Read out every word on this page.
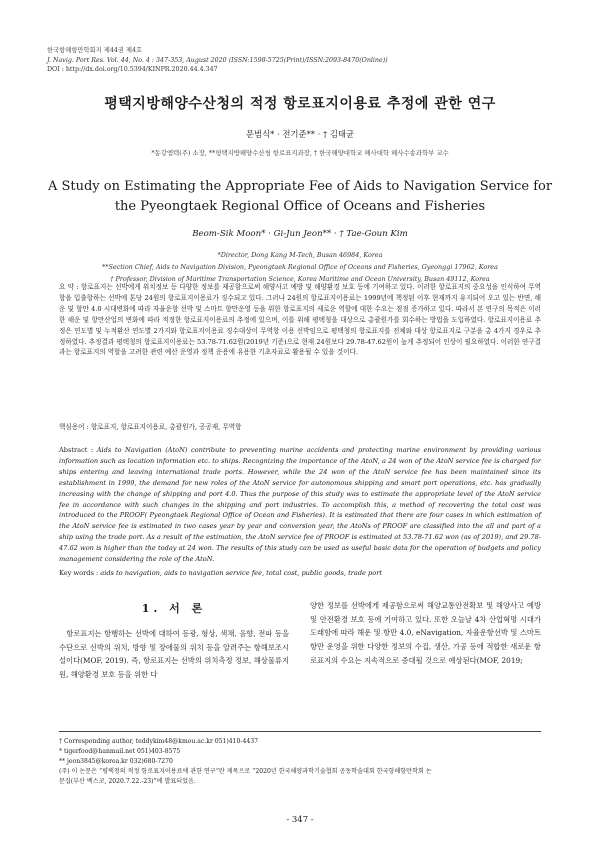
한국항해항만학회지 제44권 제4호
J. Navig. Port Res. Vol. 44, No. 4 : 347-353, August 2020 (ISSN:1598-5725(Print)/ISSN:2093-8470(Online))
DOI : http://dx.doi.org/10.5394/KINPR.2020.44.4.347
평택지방해양수산청의 적정 항로표지이용료 추정에 관한 연구
문범식* · 전기준** · † 김태균
*동강엠텍(주) 소장, **평택지방해양수산청 항로표지과장, † 한국해양대학교 해사대학 해사수송과학부 교수
A Study on Estimating the Appropriate Fee of Aids to Navigation Service for the Pyeongtaek Regional Office of Oceans and Fisheries
Beom-Sik Moon* · Gi-Jun Jeon** · † Tae-Goun Kim
*Director, Dong Kang M-Tech, Busan 46984, Korea
**Section Chief, Aids to Navigation Division, Pyeongtaek Regional Office of Oceans and Fisheries, Gyeonggi 17962, Korea
† Professor, Division of Maritime Transportation Science, Korea Maritime and Ocean University, Busan 49112, Korea
요 약 : 항로표지는 선박에게 위치정보 등 다양한 정보를 제공함으로써 해양사고 예방 및 해양환경 보호 등에 기여하고 있다. 이러한 항로표지의 중요성을 인식하여 무역항을 입출항하는 선박에 톤당 24원의 항로표지이용료가 징수되고 있다. 그러나 24원의 항로표지이용료는 1999년에 책정된 이후 현재까지 유지되어 오고 있는 반면, 해운 및 항만 4.0 시대변화에 따라 자율운항 선박 및 스마트 항만운영 등을 위한 항로표지의 새로운 역할에 대한 수요는 점점 증가하고 있다. 따라서 본 연구의 목적은 이러한 해운 및 항만산업의 변화에 따라 적정한 항로표지이용료의 추정에 있으며, 이를 위해 평택청을 대상으로 총괄원가를 회수하는 방법을 도입하였다. 항로표지이용료 추정은 연도별 및 누적환산 연도별 2가지와 항로표지이용료 징수대상이 무역항 이용 선박임으로 평택청의 항로표지를 전체와 대상 항로표지로 구분을 총 4가지 경우로 추정하였다. 추정결과 평택청의 항로표지이용료는 53.78-71.62원(2019년 기준)으로 현재 24원보다 29.78-47.62원이 높게 추정되어 인상이 필요하였다. 이러한 연구결과는 항로표지의 역할을 고려한 관련 예산 운영과 정책 운용에 유용한 기초자료로 활용될 수 있을 것이다.
핵심용어 : 항로표지, 항로표지이용료, 총괄원가, 공공재, 무역항
Abstract : Aids to Navigation (AtoN) contribute to preventing marine accidents and protecting marine environment by providing various information such as location information etc. to ships. Recognizing the importance of the AtoN, a 24 won of the AtoN service fee is charged for ships entering and leaving international trade ports. However, while the 24 won of the AtoN service fee has been maintained since its establishment in 1999, the demand for new roles of the AtoN service for autonomous shipping and smart port operations, etc. has gradually increasing with the change of shipping and port 4.0. Thus the purpose of this study was to estimate the appropriate level of the AtoN service fee in accordance with such changes in the shipping and port industries. To accomplish this, a method of recovering the total cost was introduced to the PROOF( Pyeongtaek Regional Office of Ocean and Fisheries). It is estimated that there are four cases in which estimation of the AtoN service fee is estimated in two cases year by year and conversion year, the AtoNs of PROOF are classified into the all and part of a ship using the trade port. As a result of the estimation, the AtoN service fee of PROOF is estimated at 53.78-71.62 won (as of 2019), and 29.78-47.62 won is higher than the today at 24 won. The results of this study can be used as useful basic data for the operation of budgets and policy management considering the role of the AtoN.
Key words : aids to navigation, aids to navigation service fee, total cost, public goods, trade port
1. 서 론
항로표지는 항행하는 선박에 대하여 등광, 형상, 색채, 음향, 전파 등을 수단으로 선박의 위치, 방향 및 장애물의 위치 등을 알려주는 항해보조시설이다(MOF, 2019). 즉, 항로표지는 선박의 위치측정 정보, 해상물류지원, 해양환경 보호 등을 위한 다
양한 정보를 선박에게 제공함으로써 해양교통안전확보 및 해양사고 예방 및 안전환경 보호 등에 기여하고 있다. 또한 오늘날 4차 산업혁명 시대가 도래함에 따라 해운 및 항만 4.0, eNavigation, 자율운항선박 및 스마트항만 운영을 위한 다양한 정보의 수집, 생산, 가공 등에 적합한 새로운 항로표지의 수요는 지속적으로 증대될 것으로 예상된다(MOF, 2019;
† Corresponding author, teddykim48@kmou.ac.kr 051)410-4437
* tigerfood@hanmail.net 051)403-8575
** jeon3845@korea.kr 032)680-7270
(주) 이 논문은 “평택청의 적정 항로표지이용료에 관한 연구”란 제목으로 “2020년 한국해양과학기술협회 공동학술대회 한국항해항만학회 논
문집(부산 벡스코, 2020.7.22.-23)”에 발표되었음.
- 347 -
